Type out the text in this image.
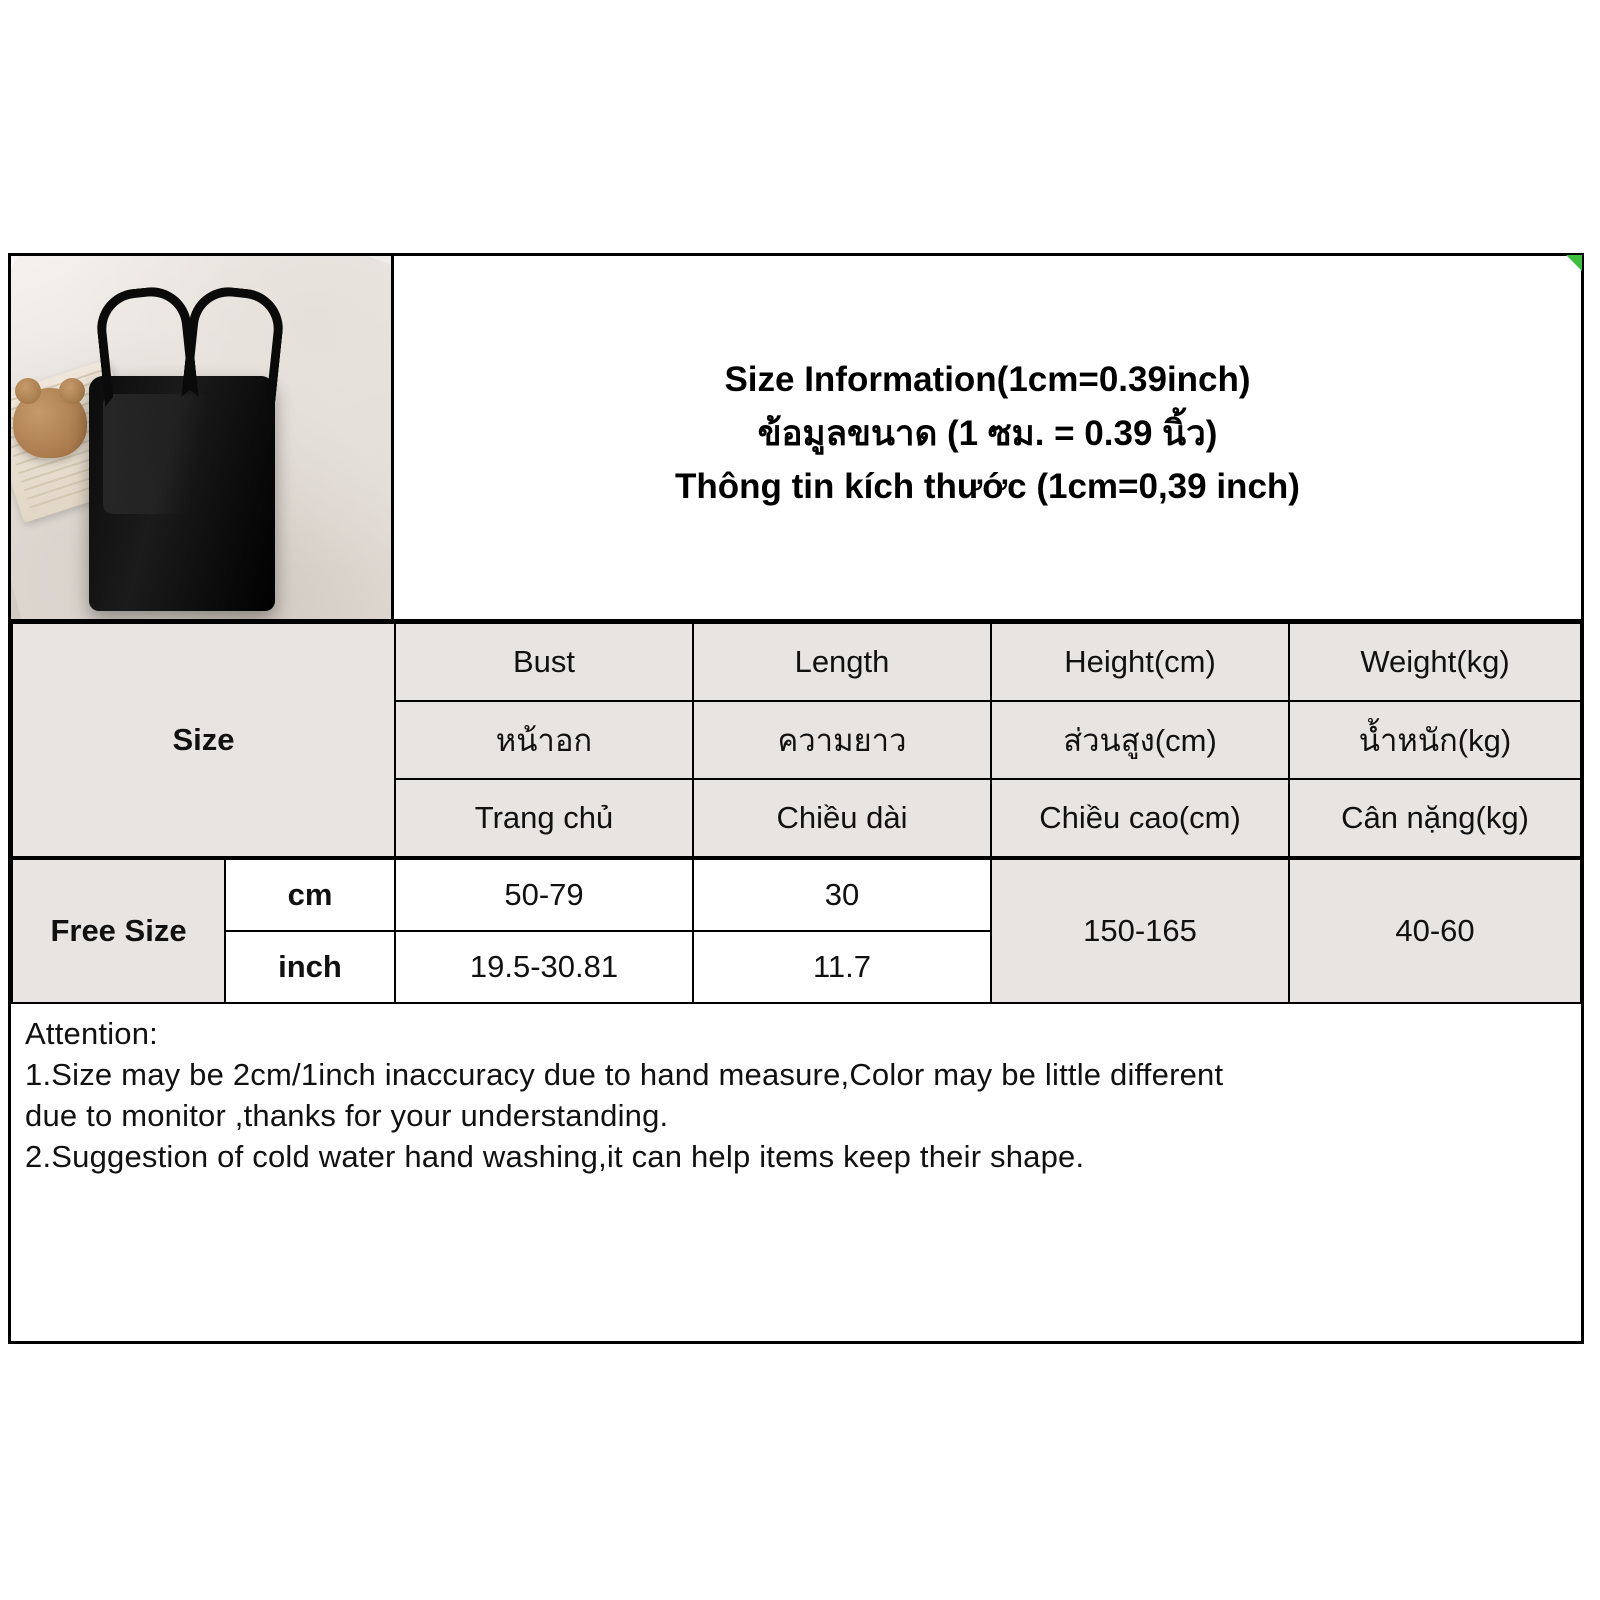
Size Information(1cm=0.39inch)
ข้อมูลขนาด (1 ซม. = 0.39 นิ้ว)
Thông tin kích thước (1cm=0,39 inch)
Size	Bust	Length	Height(cm)	Weight(kg)
	หน้าอก	ความยาว	ส่วนสูง(cm)	น้ำหนัก(kg)
	Trang chủ	Chiều dài	Chiều cao(cm)	Cân nặng(kg)
Free Size	cm	50-79	30	150-165	40-60
	inch	19.5-30.81	11.7		

Attention:

1.Size may be 2cm/1inch inaccuracy due to hand measure,Color may be little different

due to monitor ,thanks for your understanding.

2.Suggestion of cold water hand washing,it can help items keep their shape.
